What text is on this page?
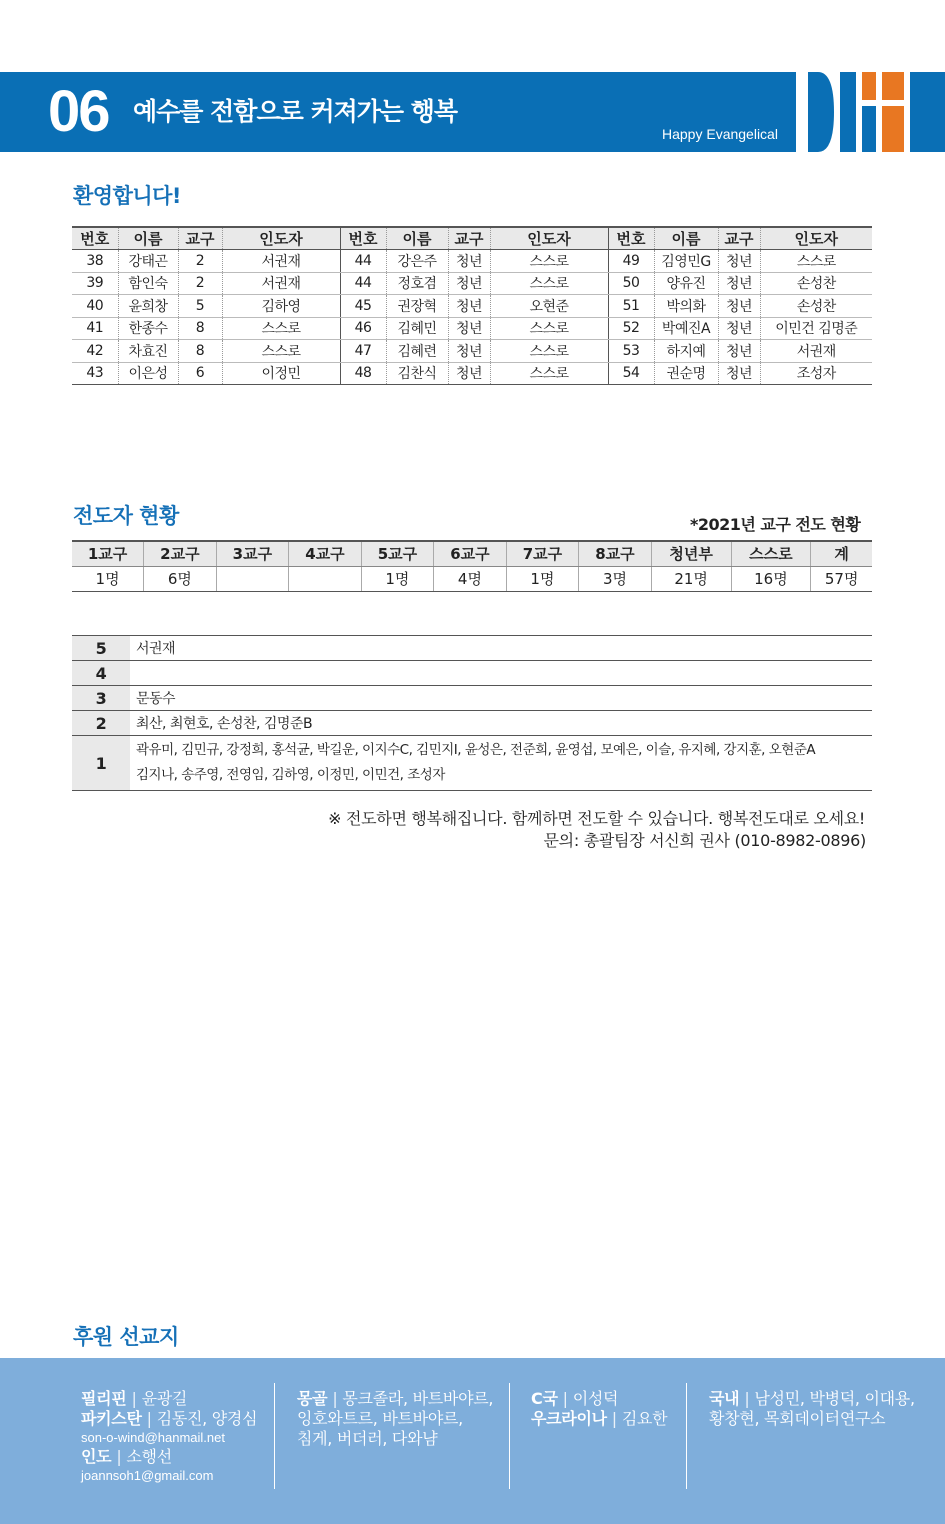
06 예수를 전함으로 커져가는 행복
Happy Evangelical
환영합니다!
번호	이름	교구	인도자	번호	이름	교구	인도자	번호	이름	교구	인도자
38	강태곤	2	서권재	44	강은주	청년	스스로	49	김영민G	청년	스스로
39	함인숙	2	서권재	44	정호겸	청년	스스로	50	양유진	청년	손성찬
40	윤희창	5	김하영	45	권장혁	청년	오현준	51	박의화	청년	손성찬
41	한종수	8	스스로	46	김혜민	청년	스스로	52	박예진A	청년	이민건 김명준
42	차효진	8	스스로	47	김혜련	청년	스스로	53	하지예	청년	서권재
43	이은성	6	이정민	48	김찬식	청년	스스로	54	권순명	청년	조성자
전도자 현황	*2021년 교구 전도 현황
1교구	2교구	3교구	4교구	5교구	6교구	7교구	8교구	청년부	스스로	계
1명	6명			1명	4명	1명	3명	21명	16명	57명
5	서권재
4	
3	문동수
2	최산, 최현호, 손성찬, 김명준B
1	곽유미, 김민규, 강정희, 홍석균, 박길운, 이지수C, 김민지I, 윤성은, 전준희, 윤영섭, 모예은, 이슬, 유지혜, 강지훈, 오현준A
김지나, 송주영, 전영임, 김하영, 이정민, 이민건, 조성자
※ 전도하면 행복해집니다. 함께하면 전도할 수 있습니다. 행복전도대로 오세요!
문의: 총괄팀장 서신희 권사 (010-8982-0896)
후원 선교지
필리핀 | 윤광길
파키스탄 | 김동진, 양경심
son-o-wind@hanmail.net
인도 | 소행선
joannsoh1@gmail.com
몽골 | 몽크졸라, 바트바야르,
잉호와트르, 바트바야르,
침게, 버더러, 다와냠
C국 | 이성덕
우크라이나 | 김요한
국내 | 남성민, 박병덕, 이대용,
황창현, 목회데이터연구소
